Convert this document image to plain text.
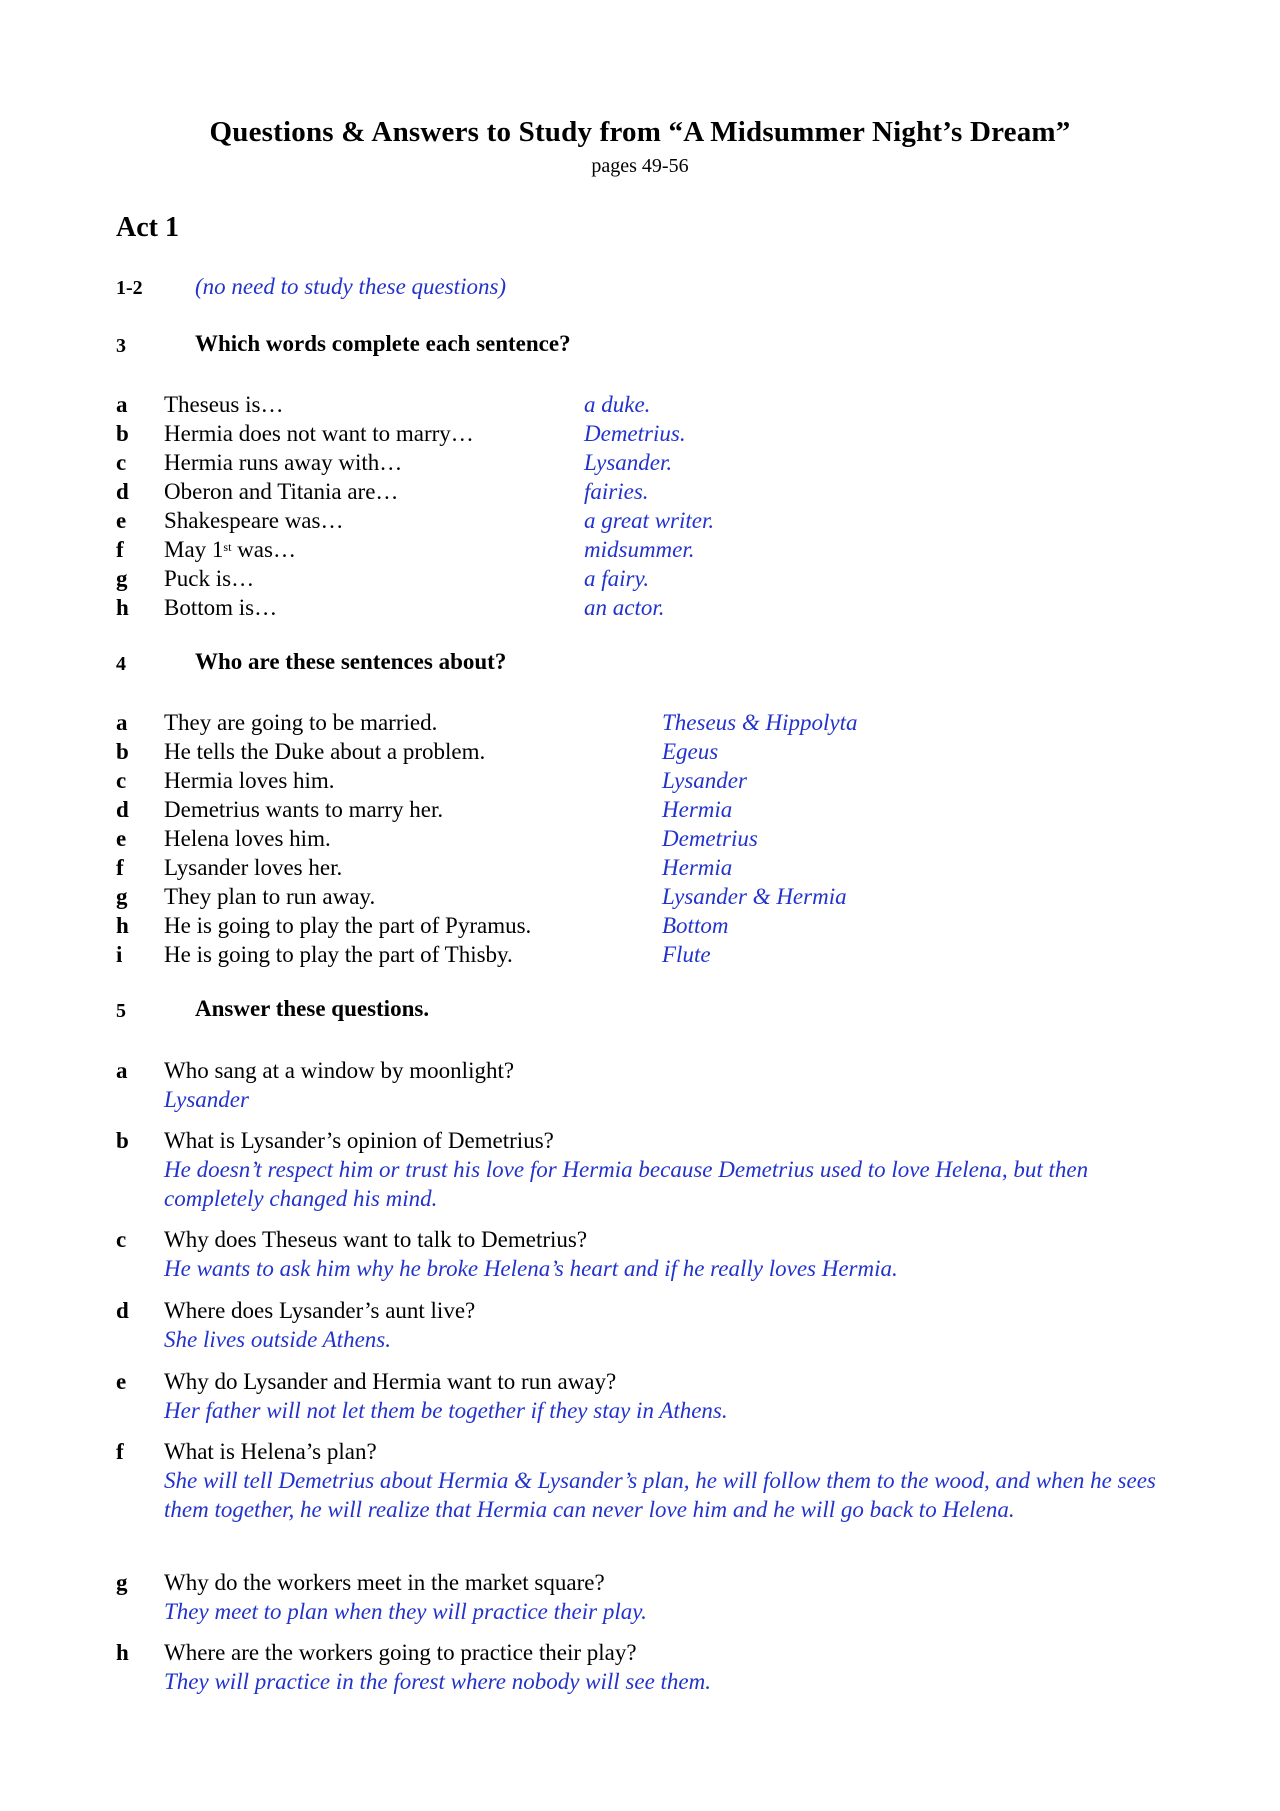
Questions & Answers to Study from “A Midsummer Night’s Dream”
pages 49-56
Act 1
1-2 (no need to study these questions)
3	Which words complete each sentence?
a Theseus is…	a duke.
b Hermia does not want to marry…	Demetrius.
c Hermia runs away with…	Lysander.
d Oberon and Titania are…	fairies.
e Shakespeare was…	a great writer.
f May 1st was…	midsummer.
g Puck is…	a fairy.
h Bottom is…	an actor.
4	Who are these sentences about?
a They are going to be married.	Theseus & Hippolyta
b He tells the Duke about a problem.	Egeus
c Hermia loves him.	Lysander
d Demetrius wants to marry her.	Hermia
e Helena loves him.	Demetrius
f Lysander loves her.	Hermia
g They plan to run away.	Lysander & Hermia
h He is going to play the part of Pyramus.	Bottom
i He is going to play the part of Thisby.	Flute
5	Answer these questions.
a Who sang at a window by moonlight?
Lysander
b What is Lysander’s opinion of Demetrius?
He doesn’t respect him or trust his love for Hermia because Demetrius used to love Helena, but then completely changed his mind.
c Why does Theseus want to talk to Demetrius?
He wants to ask him why he broke Helena’s heart and if he really loves Hermia.
d Where does Lysander’s aunt live?
She lives outside Athens.
e Why do Lysander and Hermia want to run away?
Her father will not let them be together if they stay in Athens.
f What is Helena’s plan?
She will tell Demetrius about Hermia & Lysander’s plan, he will follow them to the wood, and when he sees them together, he will realize that Hermia can never love him and he will go back to Helena.
g Why do the workers meet in the market square?
They meet to plan when they will practice their play.
h Where are the workers going to practice their play?
They will practice in the forest where nobody will see them.
